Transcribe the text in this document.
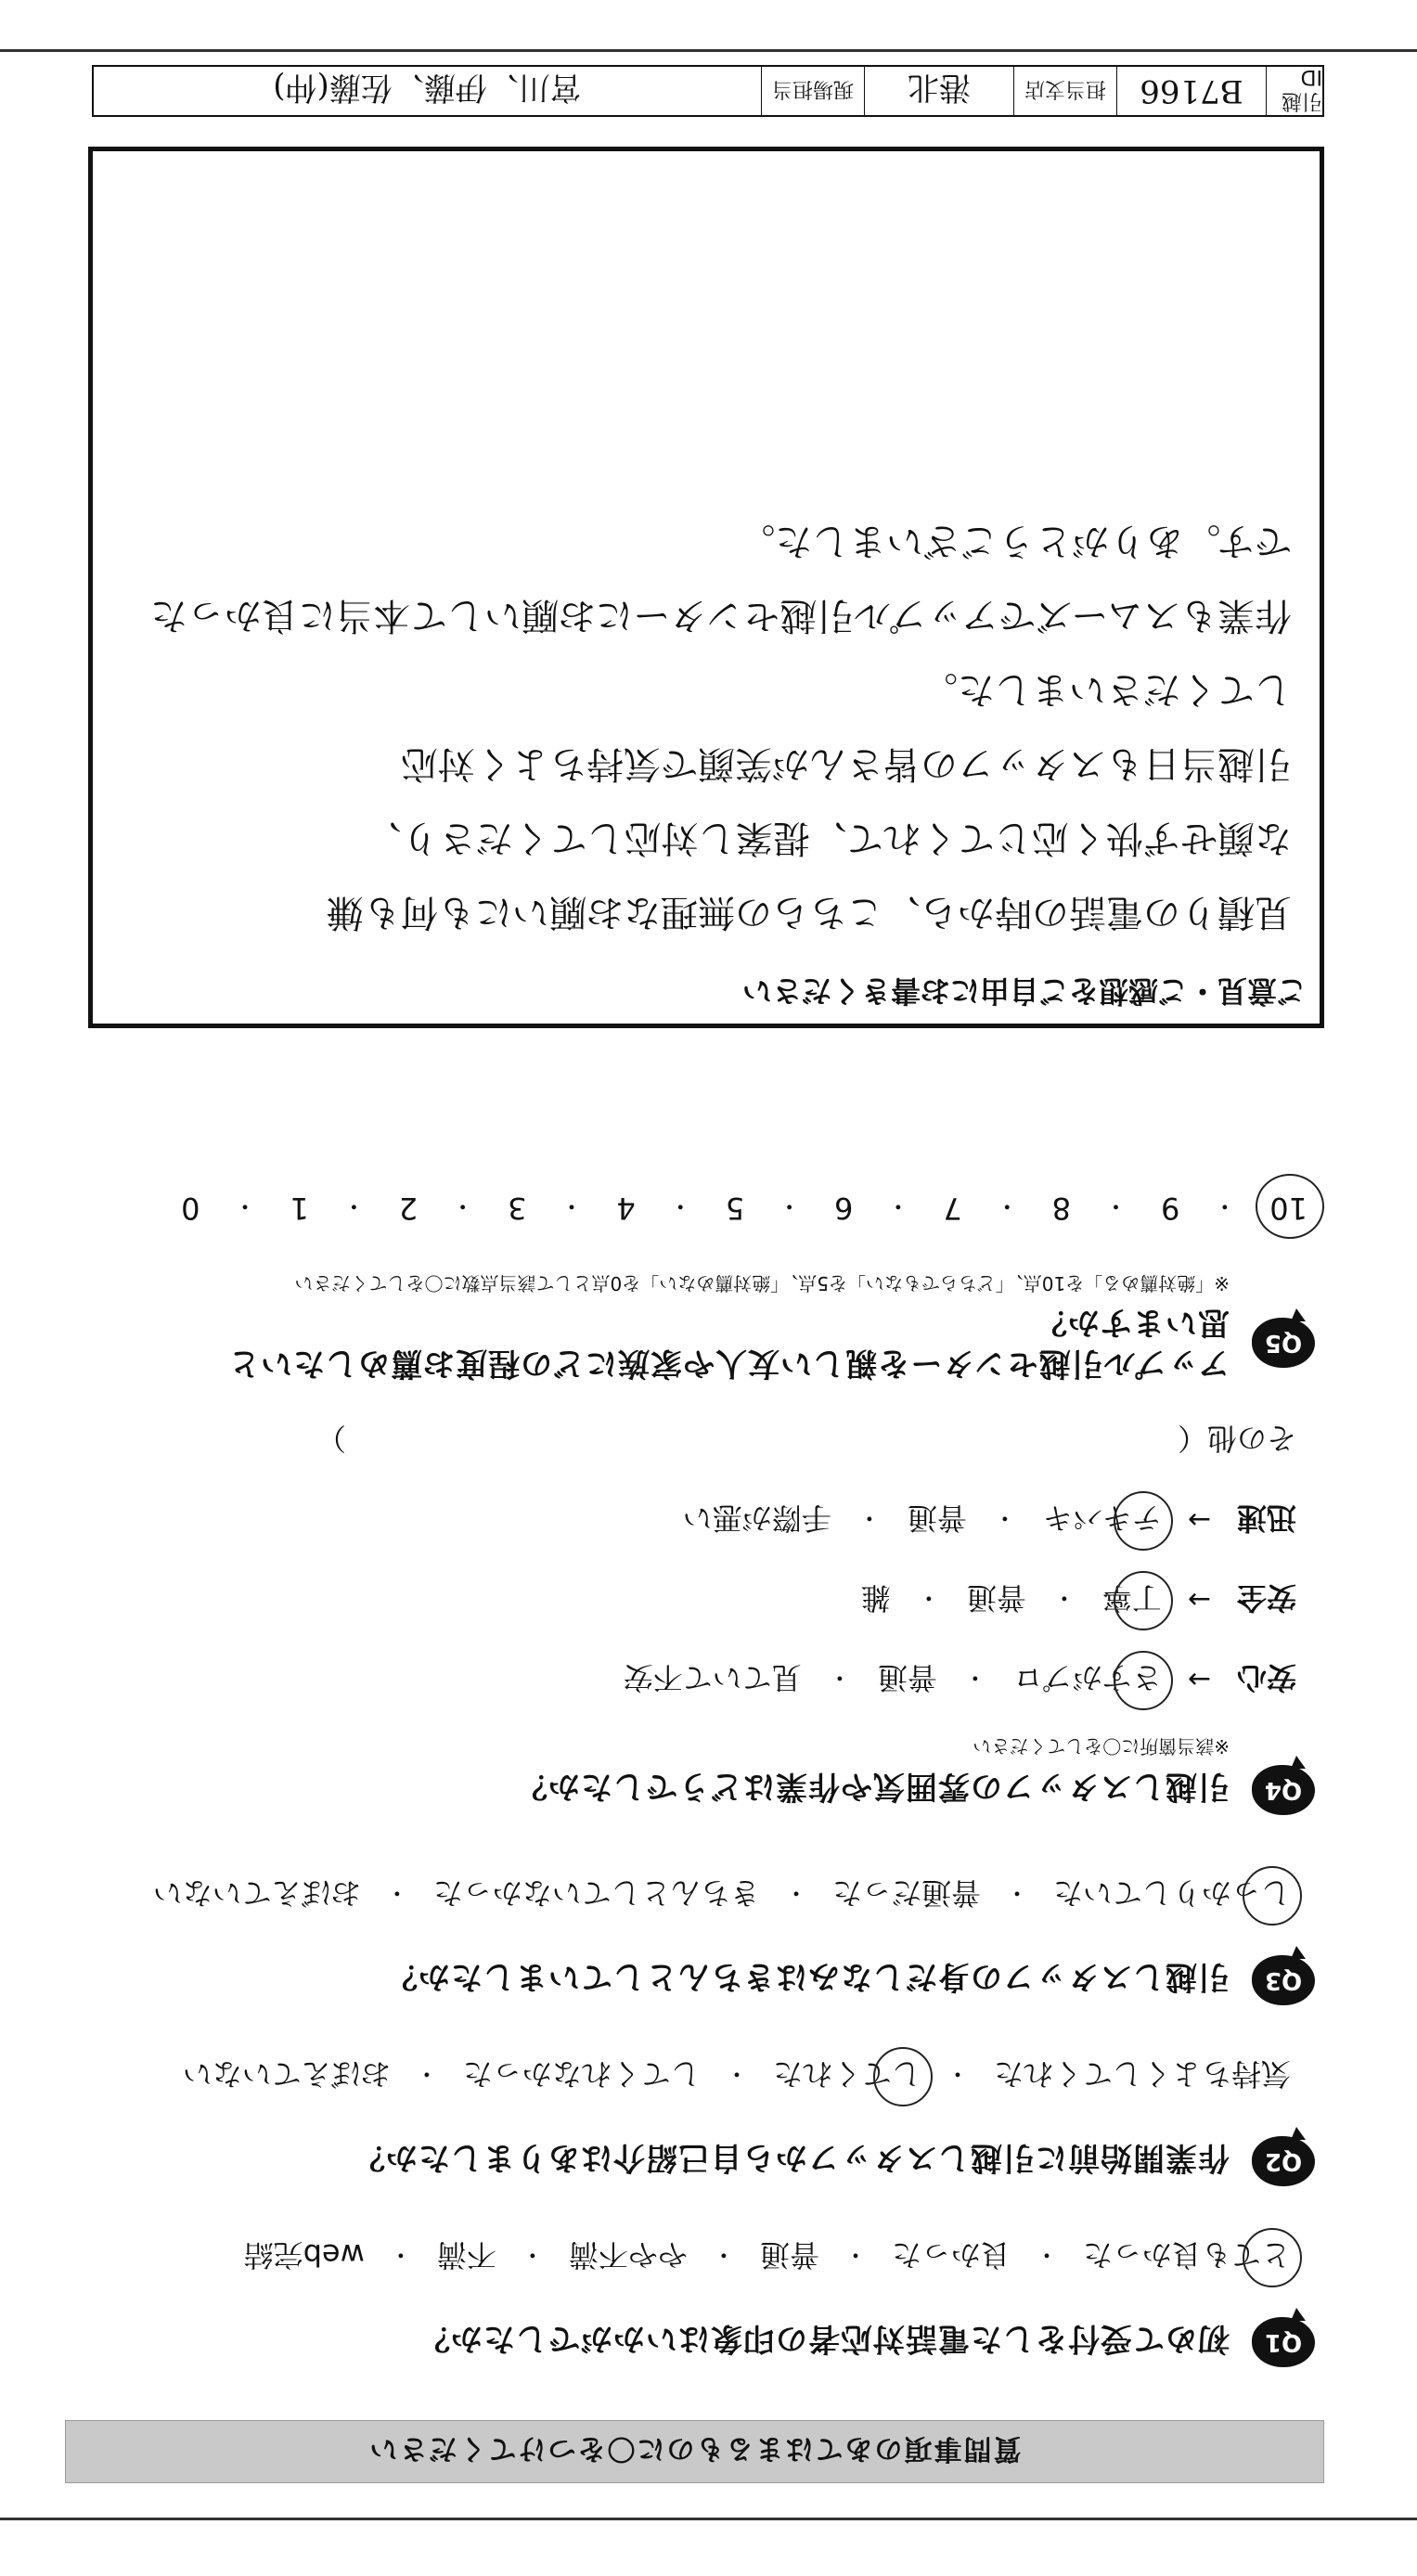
質問事項のあてはまるものに〇をつけてください
Q1
初めて受付をした電話対応者の印象はいかがでしたか？
とても良かった
・
良かった
・
普通
・
やや不満
・
不満
・
web完結
Q2
作業開始前に引越しスタッフから自己紹介はありましたか？
気持ちよくしてくれた
・
してくれた
・
してくれなかった
・
おぼえていない
Q3
引越しスタッフの身だしなみはきちんとしていましたか？
しっかりしていた
・
普通だった
・
きちんとしていなかった
・
おぼえていない
Q4
引越しスタッフの雰囲気や作業はどうでしたか？
※該当箇所に〇をしてください
安心
→
さすがプロ
・
普通
・
見ていて不安
安全
→
丁寧
・
普通
・
雑
迅速
→
テキパキ
・
普通
・
手際が悪い
その他（　　　　　　　　　　　　　　　　　　　　　　　　　　　　）
Q5
アップル引越センターを親しい友人や家族にどの程度お薦めしたいと思いますか？
※「絶対薦める」を10点、「どちらでもない」を5点、「絶対薦めない」を0点として該当点数に〇をしてください
10
・
9
・
8
・
7
・
6
・
5
・
4
・
3
・
2
・
1
・
0
ご意見・ご感想をご自由にお書きください
見積りの電話の時から、こちらの無理なお願いにも何も嫌
な顔せず快く応じてくれて、提案し対応してくださり、
引越当日もスタッフの皆さんが笑顔で気持ちよく対応
してくださいました。
作業もスムーズでアップル引越センターにお願いして本当に良かった
です。ありがとうございました。
引越ID
B7166
担当支店
港北
現場担当
宮川、伊藤、佐藤(仲)
